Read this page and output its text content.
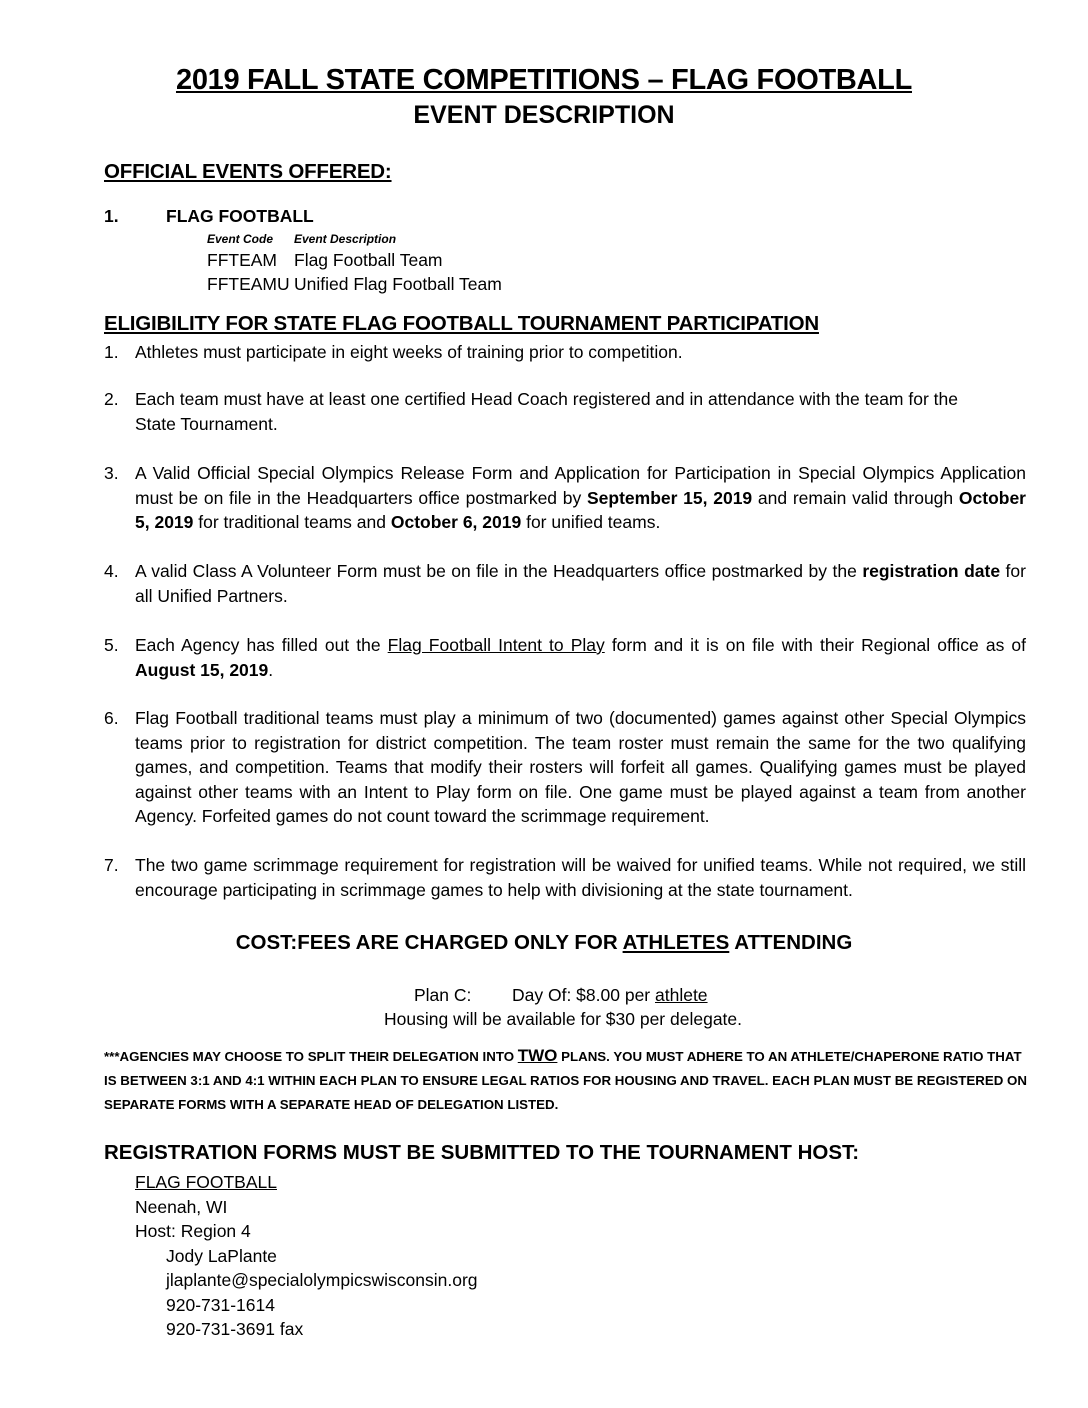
2019 FALL STATE COMPETITIONS – FLAG FOOTBALL
EVENT DESCRIPTION
OFFICIAL EVENTS OFFERED:
1.	FLAG FOOTBALL
Event Code Event Description
FFTEAM Flag Football Team
FFTEAMU Unified Flag Football Team
ELIGIBILITY FOR STATE FLAG FOOTBALL TOURNAMENT PARTICIPATION
1. Athletes must participate in eight weeks of training prior to competition.
2. Each team must have at least one certified Head Coach registered and in attendance with the team for the State Tournament.
3. A Valid Official Special Olympics Release Form and Application for Participation in Special Olympics Application must be on file in the Headquarters office postmarked by September 15, 2019 and remain valid through October 5, 2019 for traditional teams and October 6, 2019 for unified teams.
4. A valid Class A Volunteer Form must be on file in the Headquarters office postmarked by the registration date for all Unified Partners.
5. Each Agency has filled out the Flag Football Intent to Play form and it is on file with their Regional office as of August 15, 2019.
6. Flag Football traditional teams must play a minimum of two (documented) games against other Special Olympics teams prior to registration for district competition. The team roster must remain the same for the two qualifying games, and competition. Teams that modify their rosters will forfeit all games. Qualifying games must be played against other teams with an Intent to Play form on file. One game must be played against a team from another Agency. Forfeited games do not count toward the scrimmage requirement.
7. The two game scrimmage requirement for registration will be waived for unified teams. While not required, we still encourage participating in scrimmage games to help with divisioning at the state tournament.
COST:FEES ARE CHARGED ONLY FOR ATHLETES ATTENDING
Plan C: Day Of: $8.00 per athlete
Housing will be available for $30 per delegate.
***AGENCIES MAY CHOOSE TO SPLIT THEIR DELEGATION INTO TWO PLANS. YOU MUST ADHERE TO AN ATHLETE/CHAPERONE RATIO THAT IS BETWEEN 3:1 AND 4:1 WITHIN EACH PLAN TO ENSURE LEGAL RATIOS FOR HOUSING AND TRAVEL. EACH PLAN MUST BE REGISTERED ON SEPARATE FORMS WITH A SEPARATE HEAD OF DELEGATION LISTED.
REGISTRATION FORMS MUST BE SUBMITTED TO THE TOURNAMENT HOST:
FLAG FOOTBALL
Neenah, WI
Host: Region 4
Jody LaPlante
jlaplante@specialolympicswisconsin.org
920-731-1614
920-731-3691 fax
